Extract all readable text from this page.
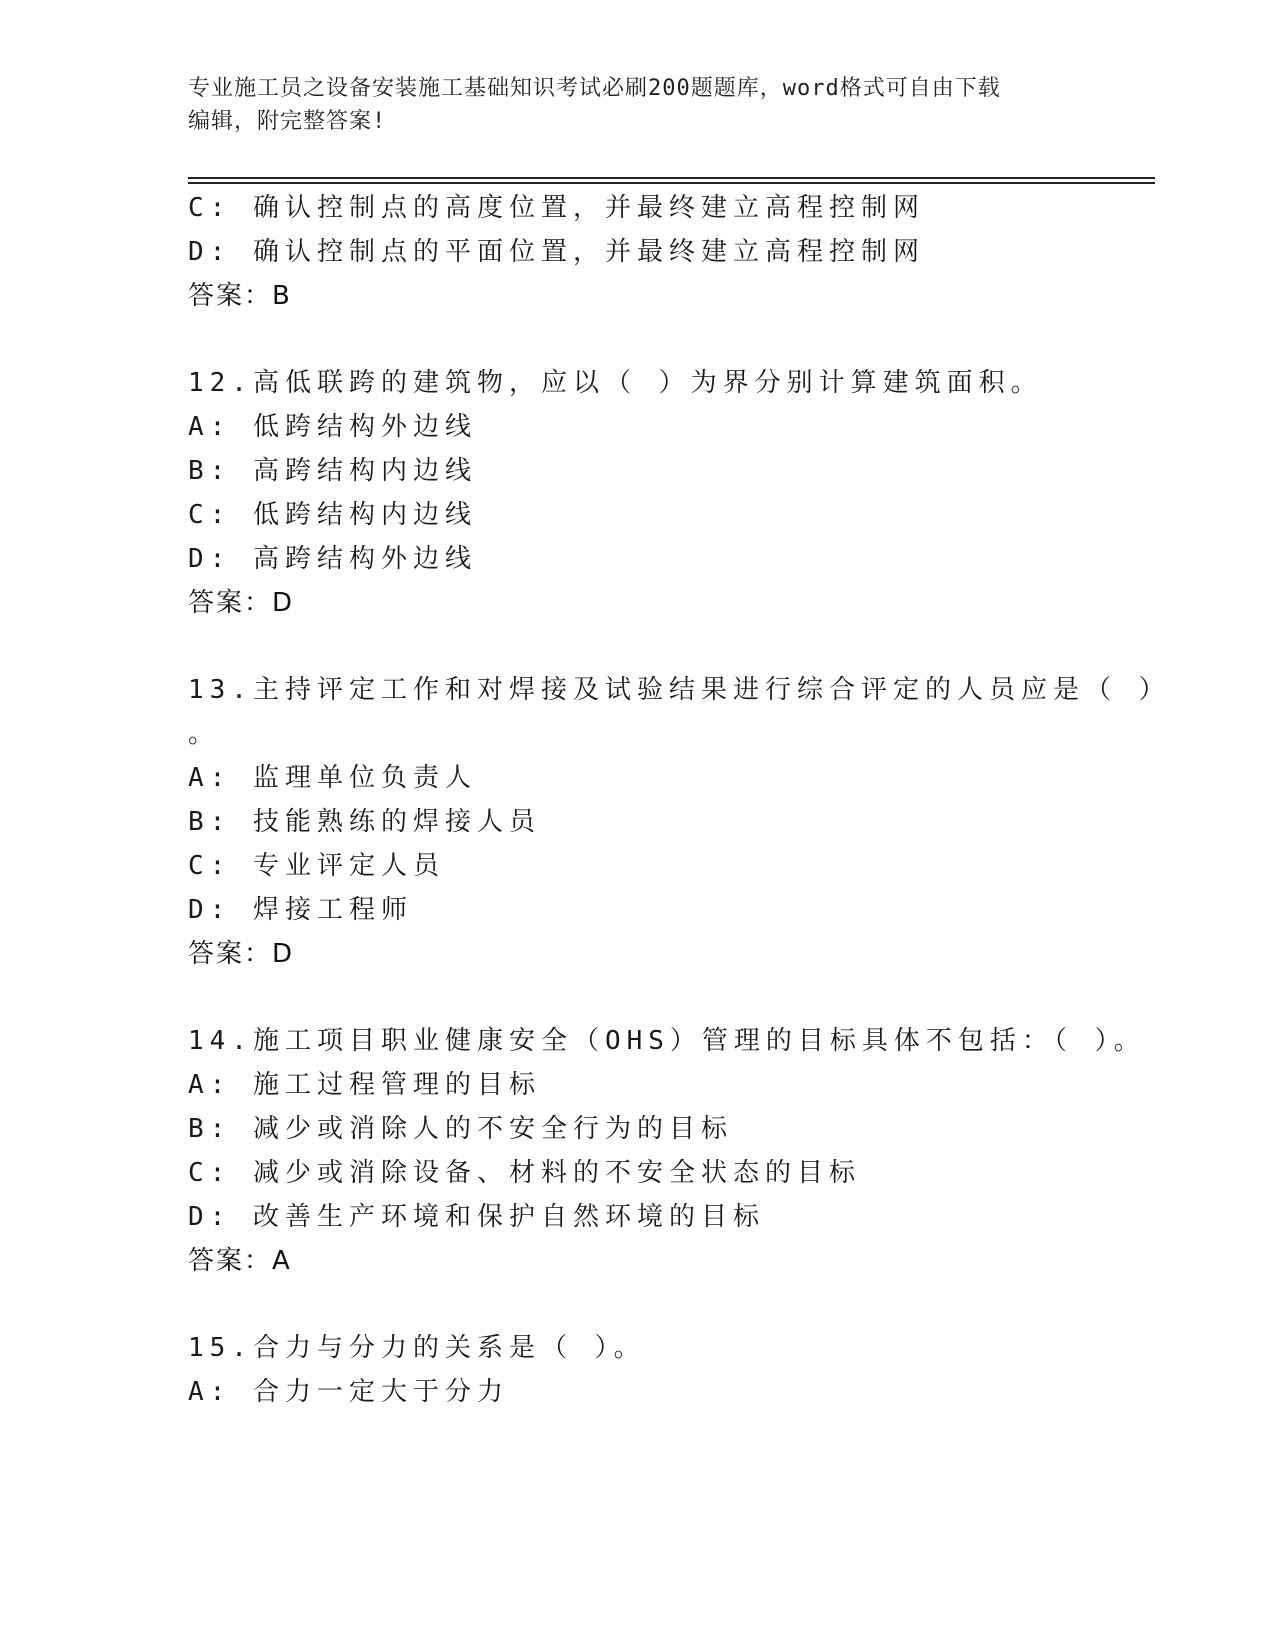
专业施工员之设备安装施工基础知识考试必刷200题题库，word格式可自由下载
编辑，附完整答案!
C: 确认控制点的高度位置，并最终建立高程控制网
D: 确认控制点的平面位置，并最终建立高程控制网
答案：B
12.高低联跨的建筑物，应以（ ）为界分别计算建筑面积。
A: 低跨结构外边线
B: 高跨结构内边线
C: 低跨结构内边线
D: 高跨结构外边线
答案：D
13.主持评定工作和对焊接及试验结果进行综合评定的人员应是（ ）
。
A: 监理单位负责人
B: 技能熟练的焊接人员
C: 专业评定人员
D: 焊接工程师
答案：D
14.施工项目职业健康安全（OHS）管理的目标具体不包括：（ ）。
A: 施工过程管理的目标
B: 减少或消除人的不安全行为的目标
C: 减少或消除设备、材料的不安全状态的目标
D: 改善生产环境和保护自然环境的目标
答案：A
15.合力与分力的关系是（ ）。
A: 合力一定大于分力
